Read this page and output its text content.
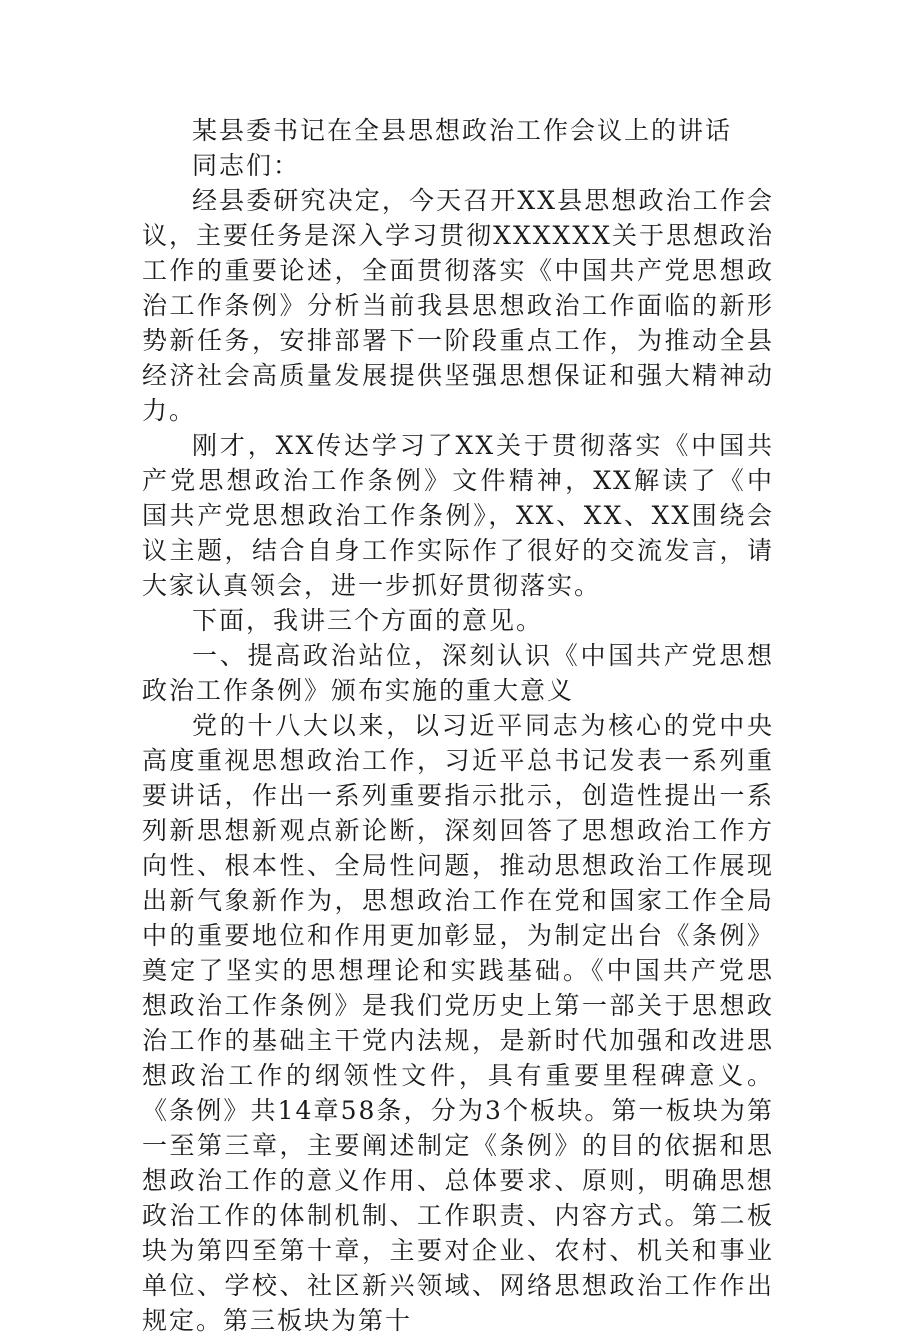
某县委书记在全县思想政治工作会议上的讲话

同志们：

经县委研究决定，今天召开XX县思想政治工作会议，主要任务是深入学习贯彻XXXXXX关于思想政治工作的重要论述，全面贯彻落实《中国共产党思想政治工作条例》分析当前我县思想政治工作面临的新形势新任务，安排部署下一阶段重点工作，为推动全县经济社会高质量发展提供坚强思想保证和强大精神动力。

刚才，XX传达学习了XX关于贯彻落实《中国共产党思想政治工作条例》文件精神，XX解读了《中国共产党思想政治工作条例》，XX、XX、XX围绕会议主题，结合自身工作实际作了很好的交流发言，请大家认真领会，进一步抓好贯彻落实。

下面，我讲三个方面的意见。

一、提高政治站位，深刻认识《中国共产党思想政治工作条例》颁布实施的重大意义

党的十八大以来，以习近平同志为核心的党中央高度重视思想政治工作，习近平总书记发表一系列重要讲话，作出一系列重要指示批示，创造性提出一系列新思想新观点新论断，深刻回答了思想政治工作方向性、根本性、全局性问题，推动思想政治工作展现出新气象新作为，思想政治工作在党和国家工作全局中的重要地位和作用更加彰显，为制定出台《条例》奠定了坚实的思想理论和实践基础。《中国共产党思想政治工作条例》是我们党历史上第一部关于思想政治工作的基础主干党内法规，是新时代加强和改进思想政治工作的纲领性文件，具有重要里程碑意义。《条例》共14章58条，分为3个板块。第一板块为第一至第三章，主要阐述制定《条例》的目的依据和思想政治工作的意义作用、总体要求、原则，明确思想政治工作的体制机制、工作职责、内容方式。第二板块为第四至第十章，主要对企业、农村、机关和事业单位、学校、社区新兴领域、网络思想政治工作作出规定。第三板块为第十
